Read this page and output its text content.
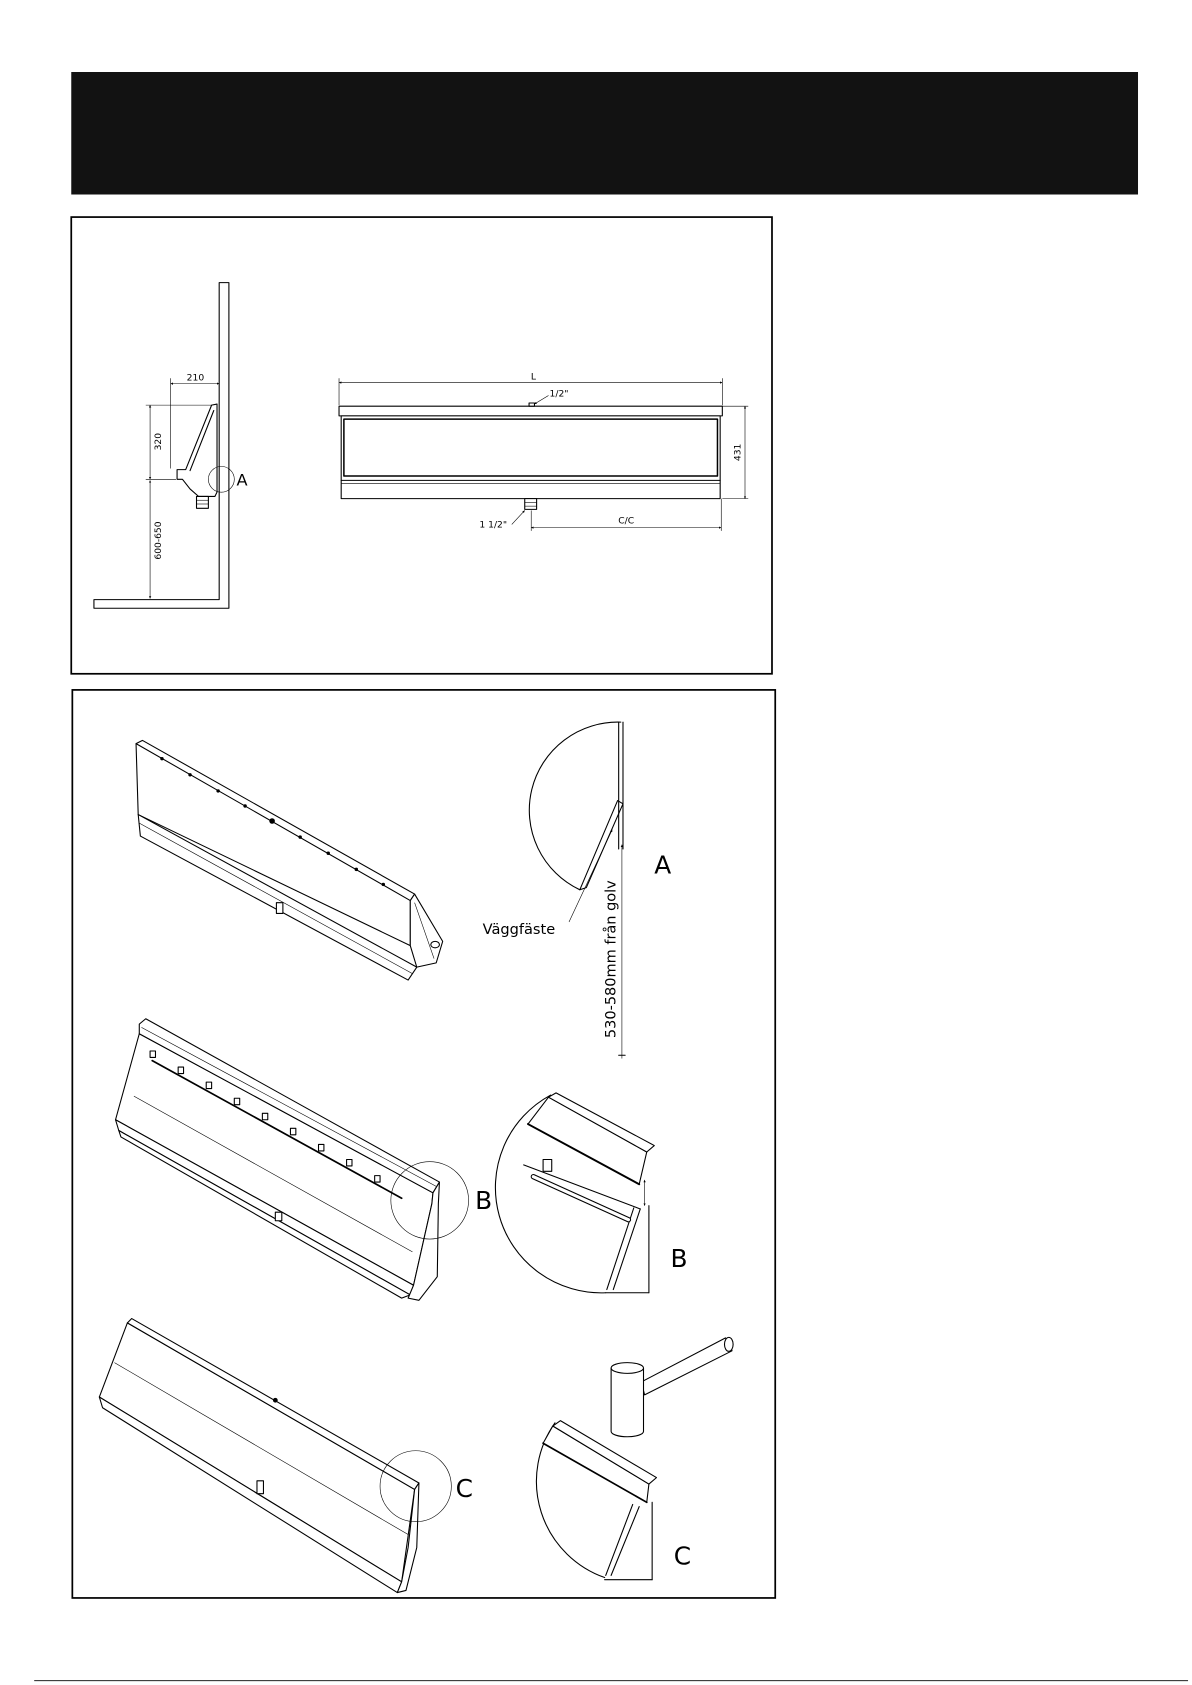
A
210
320
600-650
L
1/2"
431
1 1/2"	C/C
A
Väggfäste	530-580mm från golv
B
B
C
C
